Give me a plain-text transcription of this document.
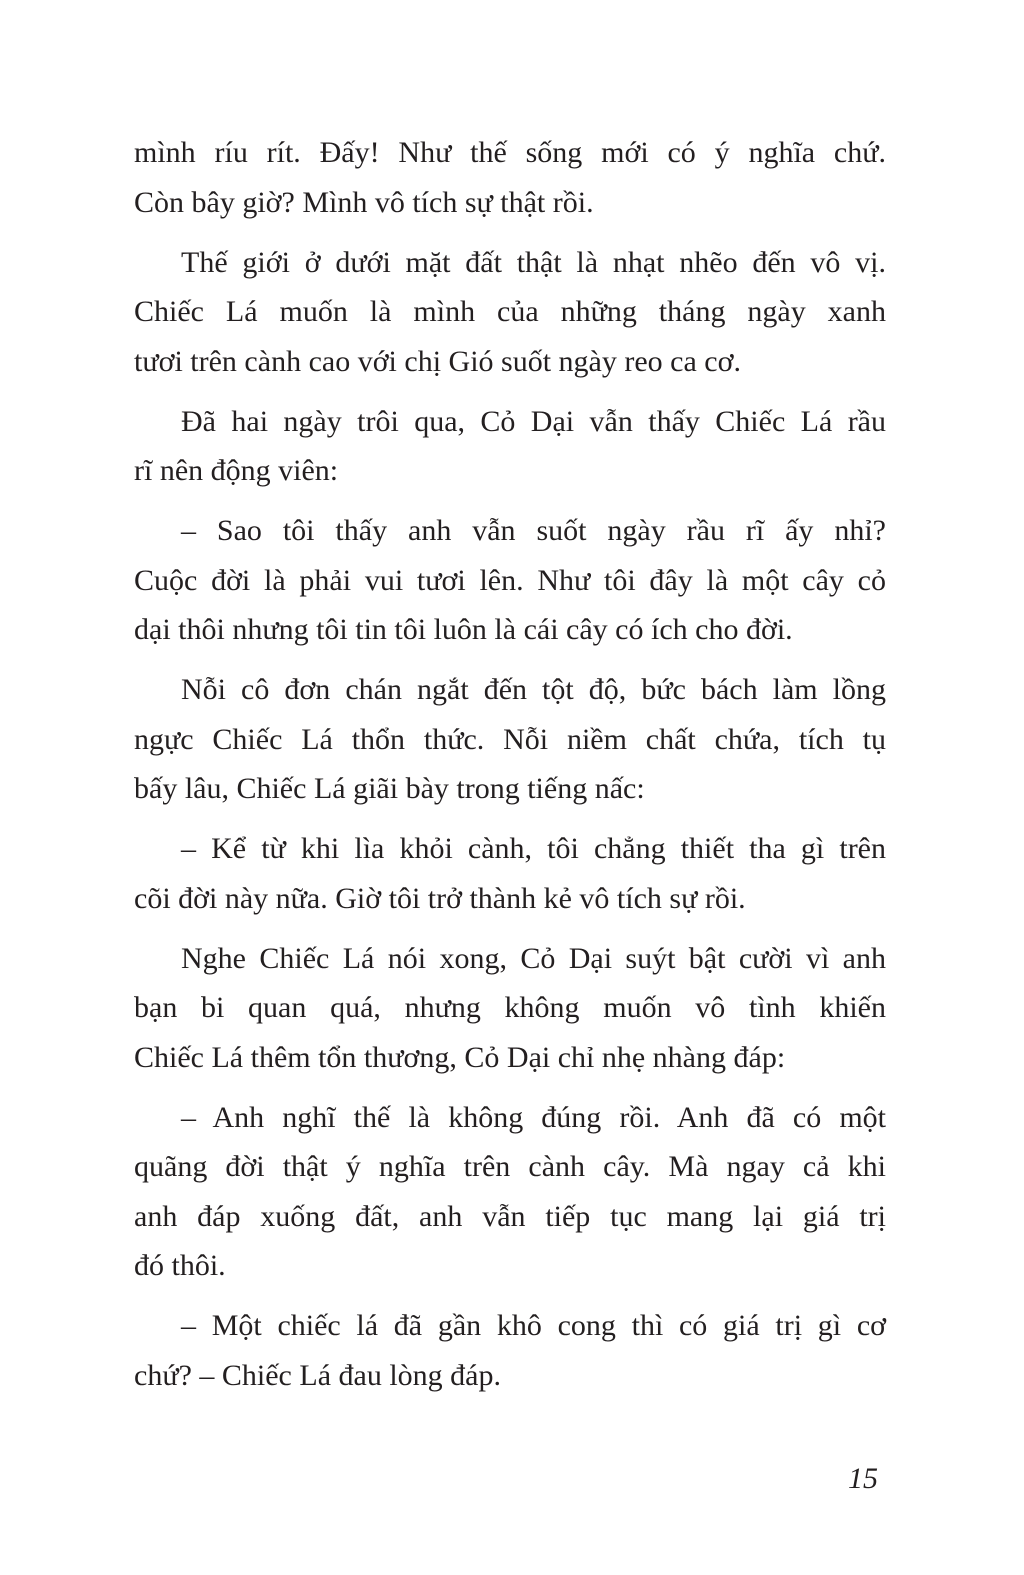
mình ríu rít. Đấy! Như thế sống mới có ý nghĩa chứ.
Còn bây giờ? Mình vô tích sự thật rồi.
Thế giới ở dưới mặt đất thật là nhạt nhẽo đến vô vị.
Chiếc Lá muốn là mình của những tháng ngày xanh
tươi trên cành cao với chị Gió suốt ngày reo ca cơ.
Đã hai ngày trôi qua, Cỏ Dại vẫn thấy Chiếc Lá rầu
rĩ nên động viên:
– Sao tôi thấy anh vẫn suốt ngày rầu rĩ ấy nhỉ?
Cuộc đời là phải vui tươi lên. Như tôi đây là một cây cỏ
dại thôi nhưng tôi tin tôi luôn là cái cây có ích cho đời.
Nỗi cô đơn chán ngắt đến tột độ, bức bách làm lồng
ngực Chiếc Lá thổn thức. Nỗi niềm chất chứa, tích tụ
bấy lâu, Chiếc Lá giãi bày trong tiếng nấc:
– Kể từ khi lìa khỏi cành, tôi chẳng thiết tha gì trên
cõi đời này nữa. Giờ tôi trở thành kẻ vô tích sự rồi.
Nghe Chiếc Lá nói xong, Cỏ Dại suýt bật cười vì anh
bạn bi quan quá, nhưng không muốn vô tình khiến
Chiếc Lá thêm tổn thương, Cỏ Dại chỉ nhẹ nhàng đáp:
– Anh nghĩ thế là không đúng rồi. Anh đã có một
quãng đời thật ý nghĩa trên cành cây. Mà ngay cả khi
anh đáp xuống đất, anh vẫn tiếp tục mang lại giá trị
đó thôi.
– Một chiếc lá đã gần khô cong thì có giá trị gì cơ
chứ? – Chiếc Lá đau lòng đáp.
15
